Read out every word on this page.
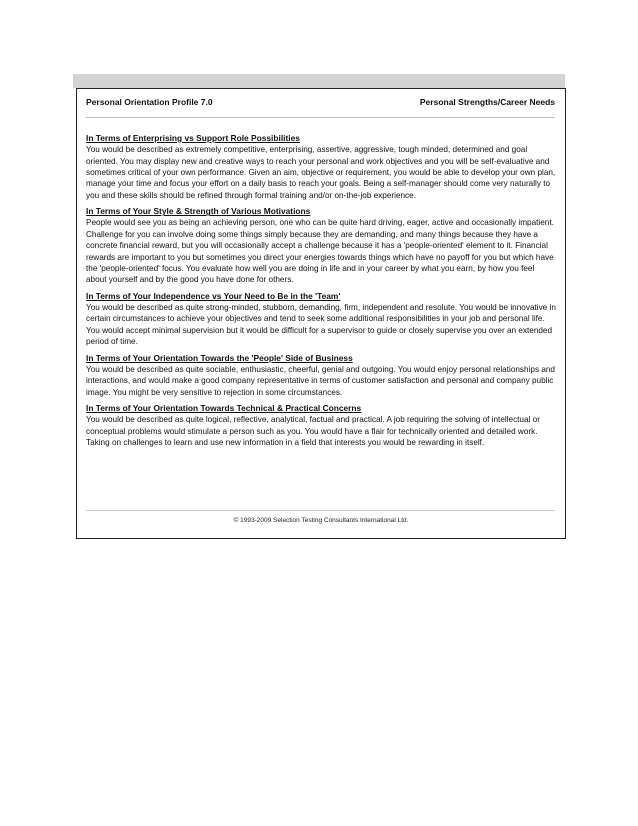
Personal Orientation Profile 7.0	Personal Strengths/Career Needs
In Terms of Enterprising vs Support Role Possibilities
You would be described as extremely competitive, enterprising, assertive, aggressive, tough minded, determined and goal oriented. You may display new and creative ways to reach your personal and work objectives and you will be self-evaluative and sometimes critical of your own performance. Given an aim, objective or requirement, you would be able to develop your own plan, manage your time and focus your effort on a daily basis to reach your goals. Being a self-manager should come very naturally to you and these skills should be refined through formal training and/or on-the-job experience.
In Terms of Your Style & Strength of Various Motivations
People would see you as being an achieving person, one who can be quite hard driving, eager, active and occasionally impatient. Challenge for you can involve doing some things simply because they are demanding, and many things because they have a concrete financial reward, but you will occasionally accept a challenge because it has a 'people-oriented' element to it. Financial rewards are important to you but sometimes you direct your energies towards things which have no payoff for you but which have the 'people-oriented' focus. You evaluate how well you are doing in life and in your career by what you earn, by how you feel about yourself and by the good you have done for others.
In Terms of Your Independence vs Your Need to Be in the 'Team'
You would be described as quite strong-minded, stubborn, demanding, firm, independent and resolute. You would be innovative in certain circumstances to achieve your objectives and tend to seek some additional responsibilities in your job and personal life. You would accept minimal supervision but it would be difficult for a supervisor to guide or closely supervise you over an extended period of time.
In Terms of Your Orientation Towards the 'People' Side of Business
You would be described as quite sociable, enthusiastic, cheerful, genial and outgoing. You would enjoy personal relationships and interactions, and would make a good company representative in terms of customer satisfaction and personal and company public image. You might be very sensitive to rejection in some circumstances.
In Terms of Your Orientation Towards Technical & Practical Concerns
You would be described as quite logical, reflective, analytical, factual and practical. A job requiring the solving of intellectual or conceptual problems would stimulate a person such as you. You would have a flair for technically oriented and detailed work. Taking on challenges to learn and use new information in a field that interests you would be rewarding in itself.
© 1993-2009 Selection Testing Consultants International Ltd.
